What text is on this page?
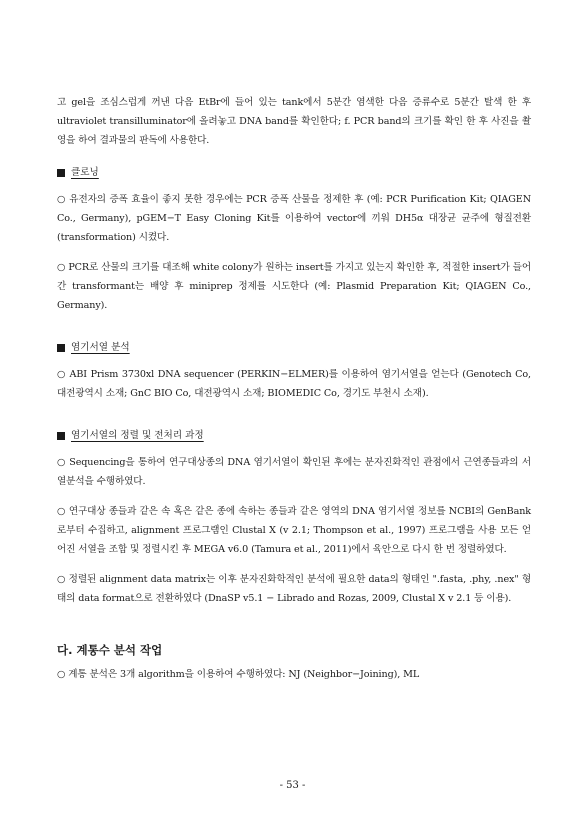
고 gel을 조심스럽게 꺼낸 다음 EtBr에 들어 있는 tank에서 5분간 염색한 다음 증류수로 5분간 탈색 한 후 ultraviolet transilluminator에 올려놓고 DNA band를 확인한다; f. PCR band의 크기를 확인 한 후 사진을 촬영을 하여 결과물의 판독에 사용한다.

클로닝

○ 유전자의 증폭 효율이 좋지 못한 경우에는 PCR 증폭 산물을 정제한 후 (예: PCR Purification Kit; QIAGEN Co., Germany), pGEM−T Easy Cloning Kit를 이용하여 vector에 끼워 DH5α 대장균 균주에 형질전환 (transformation) 시켰다.

○ PCR로 산물의 크기를 대조해 white colony가 원하는 insert를 가지고 있는지 확인한 후, 적절한 insert가 들어간 transformant는 배양 후 miniprep 정제를 시도한다 (예: Plasmid Preparation Kit; QIAGEN Co., Germany).

염기서열 분석

○ ABI Prism 3730xl DNA sequencer (PERKIN−ELMER)를 이용하여 염기서열을 얻는다 (Genotech Co, 대전광역시 소재; GnC BIO Co, 대전광역시 소재; BIOMEDIC Co, 경기도 부천시 소재).

염기서열의 정렬 및 전처리 과정

○ Sequencing을 통하여 연구대상종의 DNA 염기서열이 확인된 후에는 분자진화적인 관점에서 근연종들과의 서열분석을 수행하였다.

○ 연구대상 종들과 같은 속 혹은 같은 종에 속하는 종들과 같은 영역의 DNA 염기서열 정보를 NCBI의 GenBank로부터 수집하고, alignment 프로그램인 Clustal X (v 2.1; Thompson et al., 1997) 프로그램을 사용 모든 얻어진 서열을 조합 및 정렬시킨 후 MEGA v6.0 (Tamura et al., 2011)에서 육안으로 다시 한 번 정렬하였다.

○ 정렬된 alignment data matrix는 이후 분자진화학적인 분석에 필요한 data의 형태인 ".fasta, .phy, .nex" 형태의 data format으로 전환하였다 (DnaSP v5.1 − Librado and Rozas, 2009, Clustal X v 2.1 등 이용).

다. 계통수 분석 작업

○ 계통 분석은 3개 algorithm을 이용하여 수행하였다: NJ (Neighbor−Joining), ML

- 53 -
